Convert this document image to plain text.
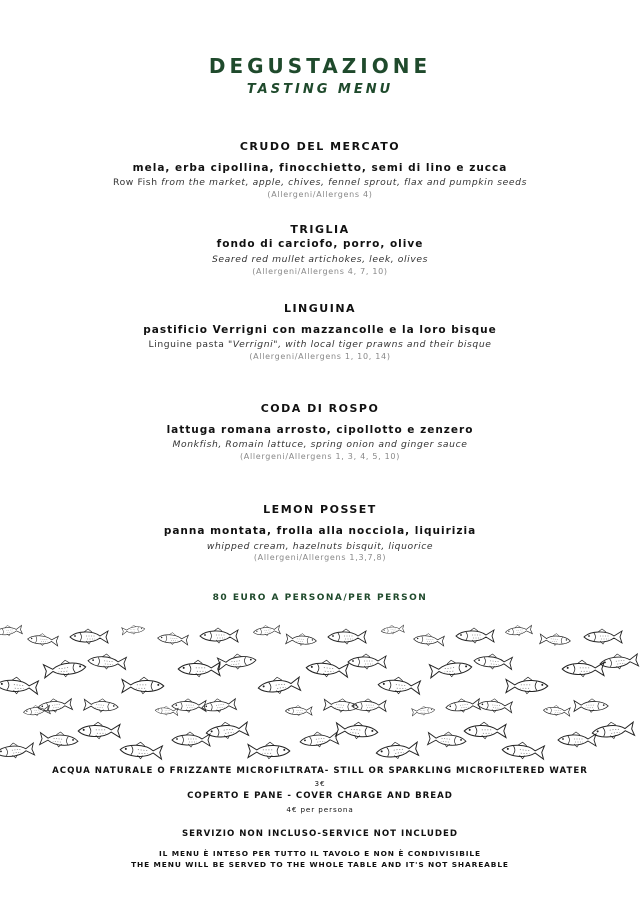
DEGUSTAZIONE
TASTING MENU
CRUDO DEL MERCATO
mela, erba cipollina, finocchietto, semi di lino e zucca
Row Fish from the market, apple, chives, fennel sprout, flax and pumpkin seeds
(Allergeni/Allergens 4)
TRIGLIA
fondo di carciofo, porro, olive
Seared red mullet artichokes, leek, olives
(Allergeni/Allergens 4, 7, 10)
LINGUINA
pastificio Verrigni con mazzancolle e la loro bisque
Linguine pasta "Verrigni", with local tiger prawns and their bisque
(Allergeni/Allergens 1, 10, 14)
CODA DI ROSPO
lattuga romana arrosto, cipollotto e zenzero
Monkfish, Romain lattuce, spring onion and ginger sauce
(Allergeni/Allergens 1, 3, 4, 5, 10)
LEMON POSSET
panna montata, frolla alla nocciola, liquirizia
whipped cream, hazelnuts bisquit, liquorice
(Allergeni/Allergens 1,3,7,8)
80 EURO A PERSONA/PER PERSON
ACQUA NATURALE O FRIZZANTE MICROFILTRATA- STILL OR SPARKLING MICROFILTERED WATER
3€
COPERTO E PANE - COVER CHARGE AND BREAD
4€ per persona
SERVIZIO NON INCLUSO-SERVICE NOT INCLUDED
IL MENU È INTESO PER TUTTO IL TAVOLO E NON È CONDIVISIBILE
THE MENU WILL BE SERVED TO THE WHOLE TABLE AND IT'S NOT SHAREABLE
